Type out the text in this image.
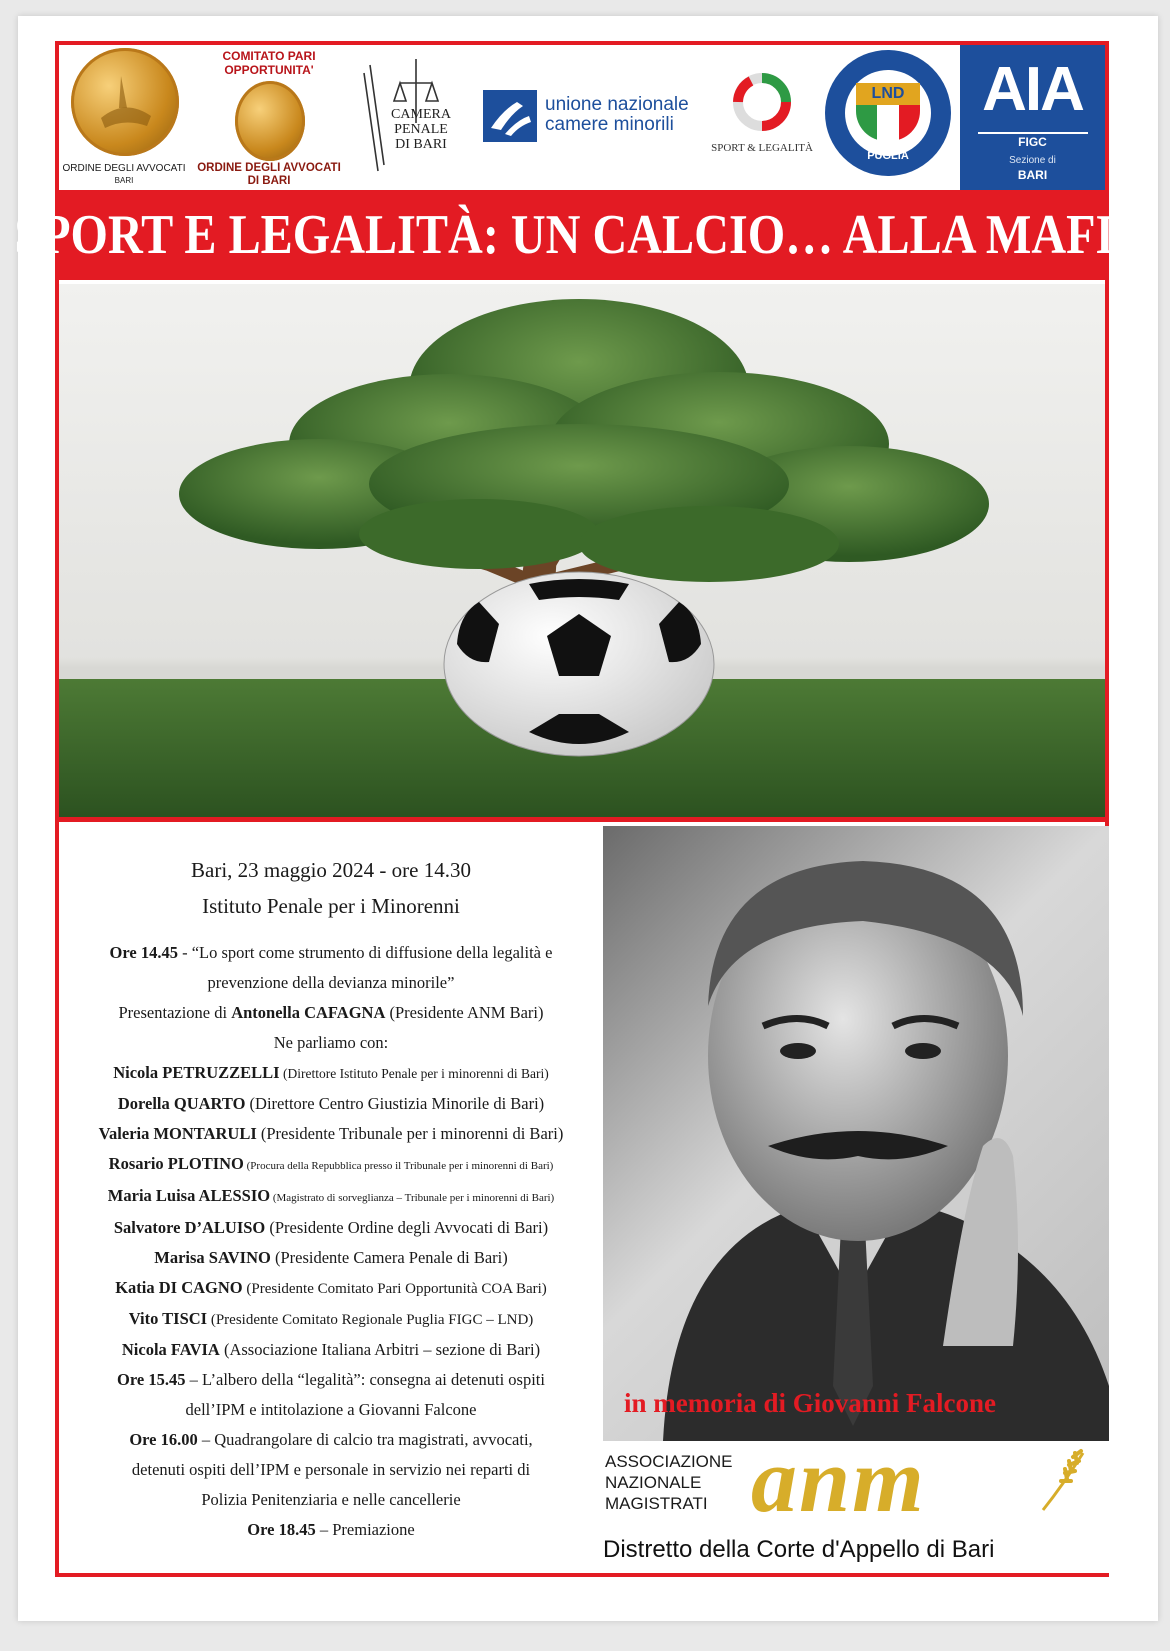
ORDINE DEGLI AVVOCATI
BARI
COMITATO PARI
OPPORTUNITA'
ORDINE DEGLI AVVOCATI
DI BARI
CAMERA
PENALE
DI BARI
unione nazionale
camere minorili
SPORT & LEGALITÀ
LND
PUGLIA
AIA
FIGC
Sezione di
BARI
SPORT E LEGALITÀ: UN CALCIO… ALLA MAFIA

Bari, 23 maggio 2024 - ore 14.30

Istituto Penale per i Minorenni

Ore 14.45 - “Lo sport come strumento di diffusione della legalità e

prevenzione della devianza minorile”

Presentazione di Antonella CAFAGNA (Presidente ANM Bari)

Ne parliamo con:

Nicola PETRUZZELLI (Direttore Istituto Penale per i minorenni di Bari)

Dorella QUARTO (Direttore Centro Giustizia Minorile di Bari)

Valeria MONTARULI (Presidente Tribunale per i minorenni di Bari)

Rosario PLOTINO (Procura della Repubblica presso il Tribunale per i minorenni di Bari)

Maria Luisa ALESSIO (Magistrato di sorveglianza – Tribunale per i minorenni di Bari)

Salvatore D’ALUISO (Presidente Ordine degli Avvocati di Bari)

Marisa SAVINO (Presidente Camera Penale di Bari)

Katia DI CAGNO (Presidente Comitato Pari Opportunità COA Bari)

Vito TISCI (Presidente Comitato Regionale Puglia FIGC – LND)

Nicola FAVIA (Associazione Italiana Arbitri – sezione di Bari)

Ore 15.45 – L’albero della “legalità”: consegna ai detenuti ospiti

dell’IPM e intitolazione a Giovanni Falcone

Ore 16.00 – Quadrangolare di calcio tra magistrati, avvocati,

detenuti ospiti dell’IPM e personale in servizio nei reparti di

Polizia Penitenziaria e nelle cancellerie

Ore 18.45 – Premiazione

in memoria di Giovanni Falcone
ASSOCIAZIONE
NAZIONALE
MAGISTRATI anm
Distretto della Corte d'Appello di Bari
